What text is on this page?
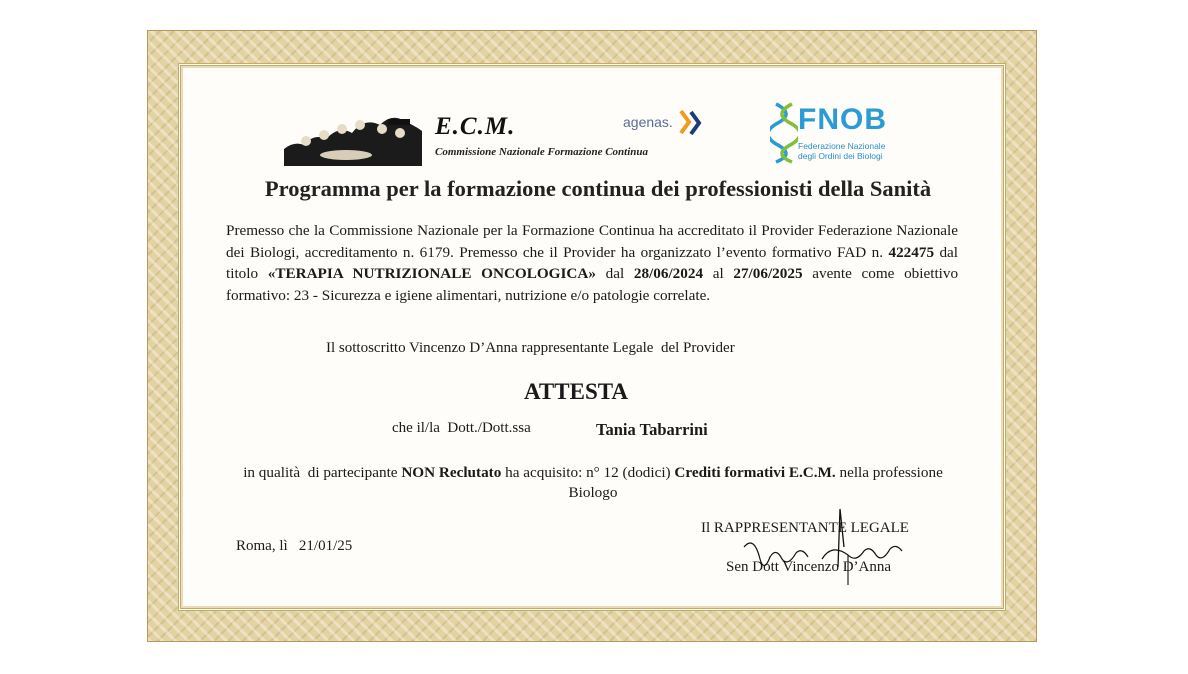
E.C.M.
Commissione Nazionale Formazione Continua
agenas.	FNOB
Federazione Nazionale
degli Ordini dei Biologi
Programma per la formazione continua dei professionisti della Sanità
Premesso che la Commissione Nazionale per la Formazione Continua ha accreditato il Provider Federazione Nazionale dei Biologi, accreditamento n. 6179. Premesso che il Provider ha organizzato l’evento formativo FAD n. 422475 dal titolo «TERAPIA NUTRIZIONALE ONCOLOGICA» dal 28/06/2024 al 27/06/2025 avente come obiettivo formativo: 23 - Sicurezza e igiene alimentari, nutrizione e/o patologie correlate.
Il sottoscritto Vincenzo D’Anna rappresentante Legale  del Provider
ATTESTA
che il/la  Dott./Dott.ssa	Tania Tabarrini
in qualità  di partecipante NON Reclutato ha acquisito: n° 12 (dodici) Crediti formativi E.C.M. nella professione Biologo
Roma, lì   21/01/25
Il RAPPRESENTANTE LEGALE
Sen Dott Vincenzo D’Anna
